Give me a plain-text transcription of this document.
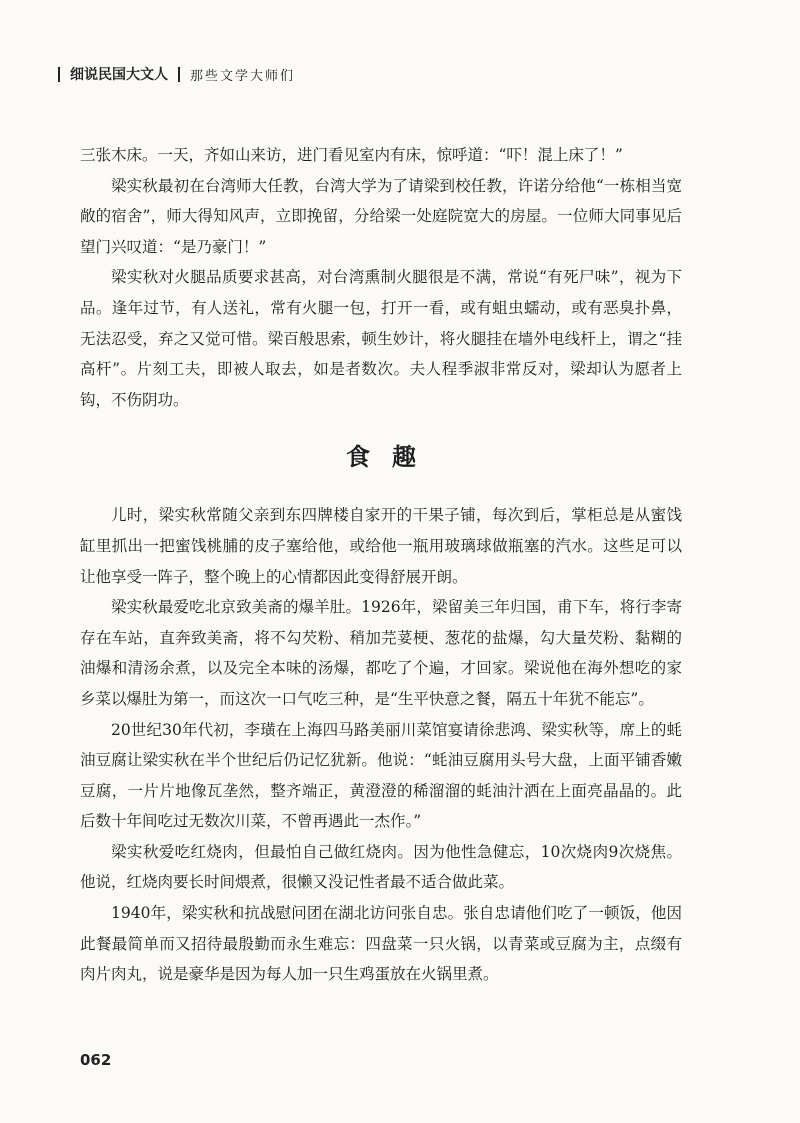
细说民国大文人 那些文学大师们

三张木床。一天，齐如山来访，进门看见室内有床，惊呼道：“吓！混上床了！”

梁实秋最初在台湾师大任教，台湾大学为了请梁到校任教，许诺分给他“一栋相当宽敞的宿舍”，师大得知风声，立即挽留，分给梁一处庭院宽大的房屋。一位师大同事见后望门兴叹道：“是乃豪门！”

梁实秋对火腿品质要求甚高，对台湾熏制火腿很是不满，常说“有死尸味”，视为下品。逢年过节，有人送礼，常有火腿一包，打开一看，或有蛆虫蠕动，或有恶臭扑鼻，无法忍受，弃之又觉可惜。梁百般思索，顿生妙计，将火腿挂在墙外电线杆上，谓之“挂高杆”。片刻工夫，即被人取去，如是者数次。夫人程季淑非常反对，梁却认为愿者上钩，不伤阴功。

食趣

儿时，梁实秋常随父亲到东四牌楼自家开的干果子铺，每次到后，掌柜总是从蜜饯缸里抓出一把蜜饯桃脯的皮子塞给他，或给他一瓶用玻璃球做瓶塞的汽水。这些足可以让他享受一阵子，整个晚上的心情都因此变得舒展开朗。

梁实秋最爱吃北京致美斋的爆羊肚。1926年，梁留美三年归国，甫下车，将行李寄存在车站，直奔致美斋，将不勾芡粉、稍加芫荽梗、葱花的盐爆，勾大量芡粉、黏糊的油爆和清汤余煮，以及完全本味的汤爆，都吃了个遍，才回家。梁说他在海外想吃的家乡菜以爆肚为第一，而这次一口气吃三种，是“生平快意之餐，隔五十年犹不能忘”。

20世纪30年代初，李璜在上海四马路美丽川菜馆宴请徐悲鸿、梁实秋等，席上的蚝油豆腐让梁实秋在半个世纪后仍记忆犹新。他说：“蚝油豆腐用头号大盘，上面平铺香嫩豆腐，一片片地像瓦垄然，整齐端正，黄澄澄的稀溜溜的蚝油汁洒在上面亮晶晶的。此后数十年间吃过无数次川菜，不曾再遇此一杰作。”

梁实秋爱吃红烧肉，但最怕自己做红烧肉。因为他性急健忘，10次烧肉9次烧焦。他说，红烧肉要长时间煨煮，很懒又没记性者最不适合做此菜。

1940年，梁实秋和抗战慰问团在湖北访问张自忠。张自忠请他们吃了一顿饭，他因此餐最简单而又招待最殷勤而永生难忘：四盘菜一只火锅，以青菜或豆腐为主，点缀有肉片肉丸，说是豪华是因为每人加一只生鸡蛋放在火锅里煮。

062
